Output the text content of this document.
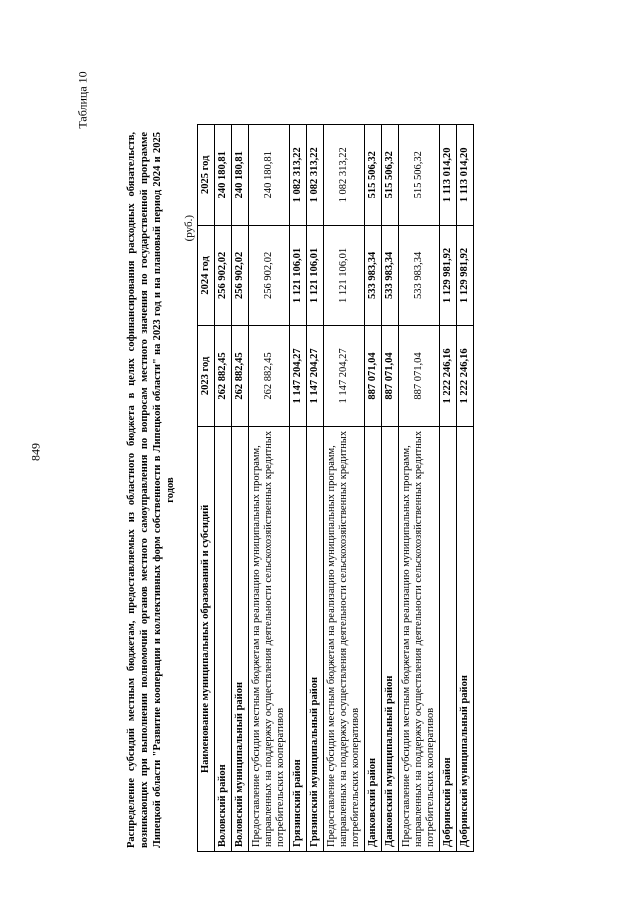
849
Таблица 10
Распределение субсидий местным бюджетам, предоставляемых из областного бюджета в целях софинансирования расходных обязательств, возникающих при выполнении полномочий органов местного самоуправления по вопросам местного значения по государственной программе Липецкой области "Развитие кооперации и коллективных форм собственности в Липецкой области" на 2023 год и на плановый период 2024 и 2025 годов
(руб.)
Наименование муниципальных образований и субсидий	2023 год	2024 год	2025 год
Воловский район	262 882,45	256 902,02	240 180,81
Воловский муниципальный район	262 882,45	256 902,02	240 180,81
Предоставление субсидии местным бюджетам на реализацию муниципальных программ, направленных на поддержку осуществления деятельности сельскохозяйственных кредитных потребительских кооперативов	262 882,45	256 902,02	240 180,81
Грязинский район	1 147 204,27	1 121 106,01	1 082 313,22
Грязинский муниципальный район	1 147 204,27	1 121 106,01	1 082 313,22
Предоставление субсидии местным бюджетам на реализацию муниципальных программ, направленных на поддержку осуществления деятельности сельскохозяйственных кредитных потребительских кооперативов	1 147 204,27	1 121 106,01	1 082 313,22
Данковский район	887 071,04	533 983,34	515 506,32
Данковский муниципальный район	887 071,04	533 983,34	515 506,32
Предоставление субсидии местным бюджетам на реализацию муниципальных программ, направленных на поддержку осуществления деятельности сельскохозяйственных кредитных потребительских кооперативов	887 071,04	533 983,34	515 506,32
Добринский район	1 222 246,16	1 129 981,92	1 113 014,20
Добринский муниципальный район	1 222 246,16	1 129 981,92	1 113 014,20
